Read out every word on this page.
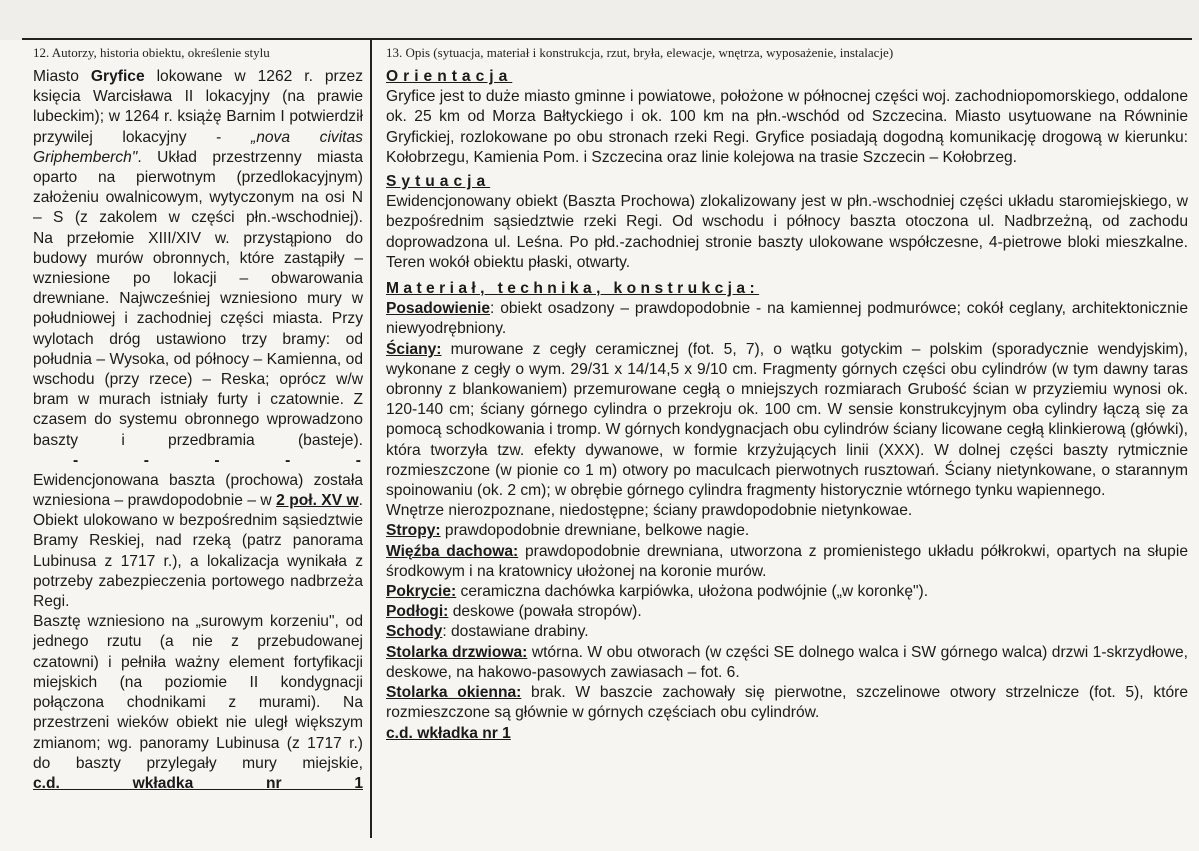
12. Autorzy, historia obiektu, określenie stylu

Miasto Gryfice lokowane w 1262 r. przez księcia Warcisława II lokacyjny (na prawie lubeckim); w 1264 r. książę Barnim I potwierdził przywilej lokacyjny - „nova civitas Griphemberch". Układ przestrzenny miasta oparto na pierwotnym (przedlokacyjnym) założeniu owalnicowym, wytyczonym na osi N – S (z zakolem w części płn.-wschodniej).

Na przełomie XIII/XIV w. przystąpiono do budowy murów obronnych, które zastąpiły – wzniesione po lokacji – obwarowania drewniane. Najwcześniej wzniesiono mury w południowej i zachodniej części miasta. Przy wylotach dróg ustawiono trzy bramy: od południa – Wysoka, od północy – Kamienna, od wschodu (przy rzece) – Reska; oprócz w/w bram w murach istniały furty i czatownie. Z czasem do systemu obronnego wprowadzono baszty i przedbramia (basteje).

- - - - -

Ewidencjonowana baszta (prochowa) została wzniesiona – prawdopodobnie – w 2 poł. XV w. Obiekt ulokowano w bezpośrednim sąsiedztwie Bramy Reskiej, nad rzeką (patrz panorama Lubinusa z 1717 r.), a lokalizacja wynikała z potrzeby zabezpieczenia portowego nadbrzeża Regi.

Basztę wzniesiono na „surowym korzeniu", od jednego rzutu (a nie z przebudowanej czatowni) i pełniła ważny element fortyfikacji miejskich (na poziomie II kondygnacji połączona chodnikami z murami). Na przestrzeni wieków obiekt nie uległ większym zmianom; wg. panoramy Lubinusa (z 1717 r.) do baszty przylegały mury miejskie,

c.d. wkładka nr 1
13. Opis (sytuacja, materiał i konstrukcja, rzut, bryła, elewacje, wnętrza, wyposażenie, instalacje)
Orientacja

Gryfice jest to duże miasto gminne i powiatowe, położone w północnej części woj. zachodniopomorskiego, oddalone ok. 25 km od Morza Bałtyckiego i ok. 100 km na płn.-wschód od Szczecina. Miasto usytuowane na Równinie Gryfickiej, rozlokowane po obu stronach rzeki Regi. Gryfice posiadają dogodną komunikację drogową w kierunku: Kołobrzegu, Kamienia Pom. i Szczecina oraz linie kolejowa na trasie Szczecin – Kołobrzeg.

Sytuacja

Ewidencjonowany obiekt (Baszta Prochowa) zlokalizowany jest w płn.-wschodniej części układu staromiejskiego, w bezpośrednim sąsiedztwie rzeki Regi. Od wschodu i północy baszta otoczona ul. Nadbrzeżną, od zachodu doprowadzona ul. Leśna. Po płd.-zachodniej stronie baszty ulokowane współczesne, 4-pietrowe bloki mieszkalne. Teren wokół obiektu płaski, otwarty.

Materiał, technika, konstrukcja:

Posadowienie: obiekt osadzony – prawdopodobnie - na kamiennej podmurówce; cokół ceglany, architektonicznie niewyodrębniony.

Ściany: murowane z cegły ceramicznej (fot. 5, 7), o wątku gotyckim – polskim (sporadycznie wendyjskim), wykonane z cegły o wym. 29/31 x 14/14,5 x 9/10 cm. Fragmenty górnych części obu cylindrów (w tym dawny taras obronny z blankowaniem) przemurowane cegłą o mniejszych rozmiarach Grubość ścian w przyziemiu wynosi ok. 120-140 cm; ściany górnego cylindra o przekroju ok. 100 cm. W sensie konstrukcyjnym oba cylindry łączą się za pomocą schodkowania i tromp. W górnych kondygnacjach obu cylindrów ściany licowane cegłą klinkierową (główki), która tworzyła tzw. efekty dywanowe, w formie krzyżujących linii (XXX). W dolnej części baszty rytmicznie rozmieszczone (w pionie co 1 m) otwory po maculcach pierwotnych rusztowań. Ściany nietynkowane, o starannym spoinowaniu (ok. 2 cm); w obrębie górnego cylindra fragmenty historycznie wtórnego tynku wapiennego.

Wnętrze nierozpoznane, niedostępne; ściany prawdopodobnie nietynkowae.

Stropy: prawdopodobnie drewniane, belkowe nagie.

Więźba dachowa: prawdopodobnie drewniana, utworzona z promienistego układu półkrokwi, opartych na słupie środkowym i na kratownicy ułożonej na koronie murów.

Pokrycie: ceramiczna dachówka karpiówka, ułożona podwójnie („w koronkę").

Podłogi: deskowe (powała stropów).

Schody: dostawiane drabiny.

Stolarka drzwiowa: wtórna. W obu otworach (w części SE dolnego walca i SW górnego walca) drzwi 1-skrzydłowe, deskowe, na hakowo-pasowych zawiasach – fot. 6.

Stolarka okienna: brak. W baszcie zachowały się pierwotne, szczelinowe otwory strzelnicze (fot. 5), które rozmieszczone są głównie w górnych częściach obu cylindrów.

c.d. wkładka nr 1
